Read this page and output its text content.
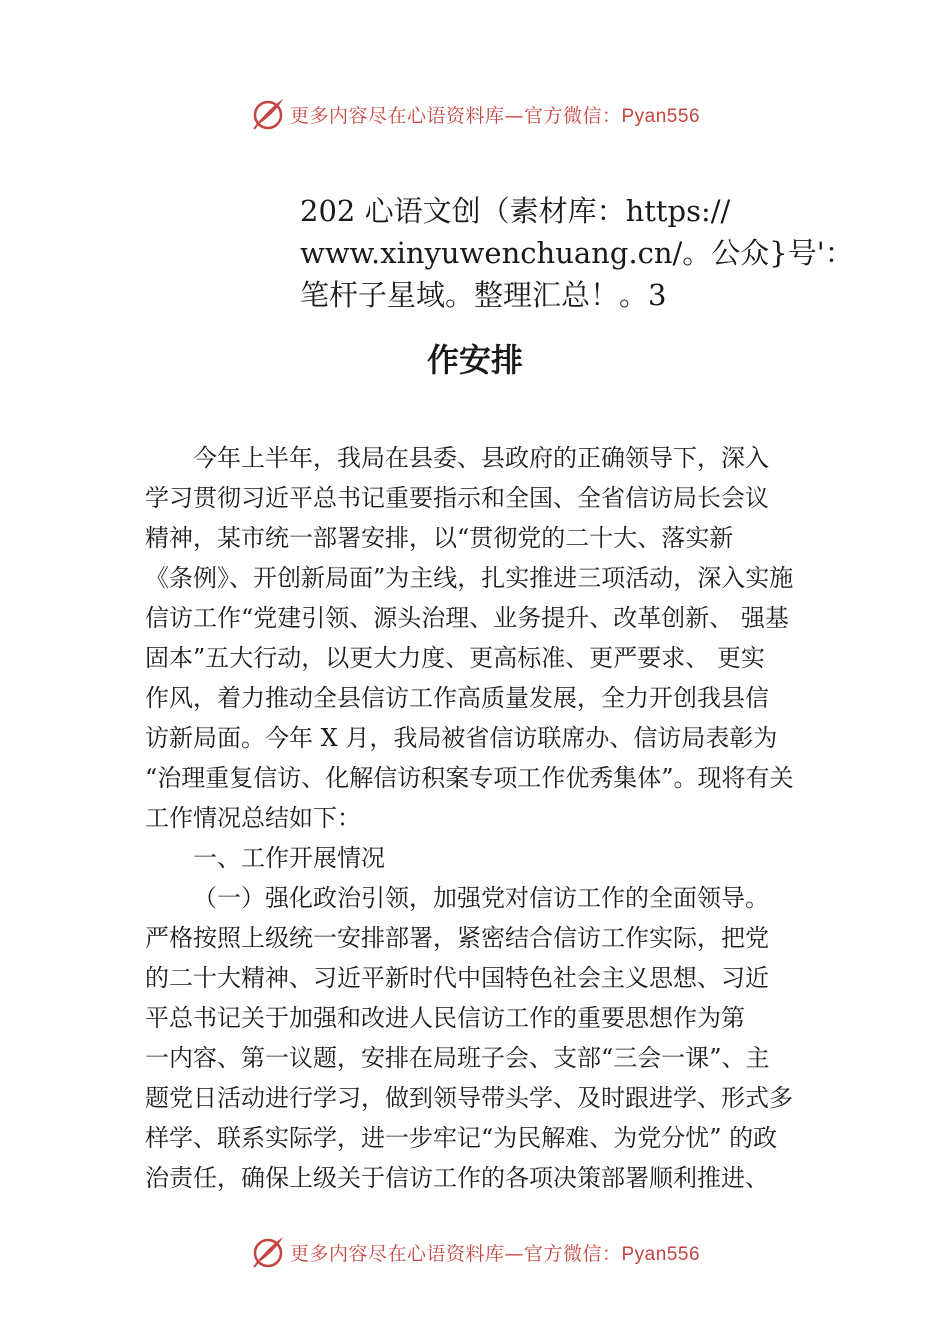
更多内容尽在心语资料库—官方微信：Pyan556
202 心语文创（素材库：https://
www.xinyuwenchuang.cn/。公众}号'：
笔杆子星域。整理汇总！。3
作安排
今年上半年，我局在县委、县政府的正确领导下，深入
学习贯彻习近平总书记重要指示和全国、全省信访局长会议
精神，某市统一部署安排，以“贯彻党的二十大、落实新
《条例》、开创新局面”为主线，扎实推进三项活动，深入实施
信访工作“党建引领、源头治理、业务提升、改革创新、 强基
固本”五大行动，以更大力度、更高标准、更严要求、 更实
作风，着力推动全县信访工作高质量发展，全力开创我县信
访新局面。今年 X 月，我局被省信访联席办、信访局表彰为
“治理重复信访、化解信访积案专项工作优秀集体”。现将有关
工作情况总结如下：
一、工作开展情况
（一）强化政治引领，加强党对信访工作的全面领导。
严格按照上级统一安排部署，紧密结合信访工作实际，把党
的二十大精神、习近平新时代中国特色社会主义思想、习近
平总书记关于加强和改进人民信访工作的重要思想作为第
一内容、第一议题，安排在局班子会、支部“三会一课”、主
题党日活动进行学习，做到领导带头学、及时跟进学、形式多
样学、联系实际学，进一步牢记“为民解难、为党分忧” 的政
治责任，确保上级关于信访工作的各项决策部署顺利推进、
更多内容尽在心语资料库—官方微信：Pyan556
